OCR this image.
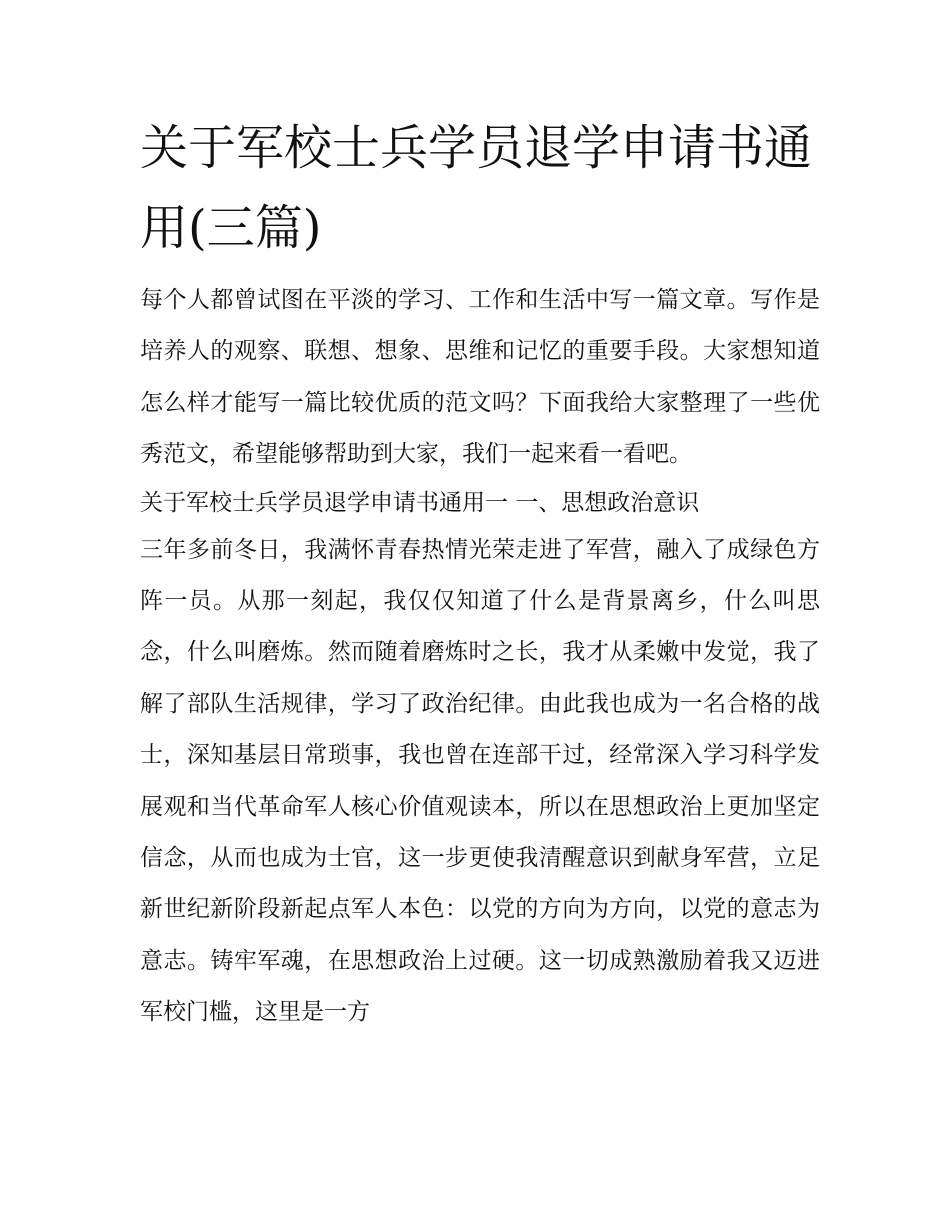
关于军校士兵学员退学申请书通用(三篇)

每个人都曾试图在平淡的学习、工作和生活中写一篇文章。写作是培养人的观察、联想、想象、思维和记忆的重要手段。大家想知道怎么样才能写一篇比较优质的范文吗？下面我给大家整理了一些优秀范文，希望能够帮助到大家，我们一起来看一看吧。

关于军校士兵学员退学申请书通用一 一、思想政治意识

三年多前冬日，我满怀青春热情光荣走进了军营，融入了成绿色方阵一员。从那一刻起，我仅仅知道了什么是背景离乡，什么叫思念，什么叫磨炼。然而随着磨炼时之长，我才从柔嫩中发觉，我了解了部队生活规律，学习了政治纪律。由此我也成为一名合格的战士，深知基层日常琐事，我也曾在连部干过，经常深入学习科学发展观和当代革命军人核心价值观读本，所以在思想政治上更加坚定信念，从而也成为士官，这一步更使我清醒意识到献身军营，立足新世纪新阶段新起点军人本色：以党的方向为方向，以党的意志为意志。铸牢军魂，在思想政治上过硬。这一切成熟激励着我又迈进军校门槛，这里是一方
